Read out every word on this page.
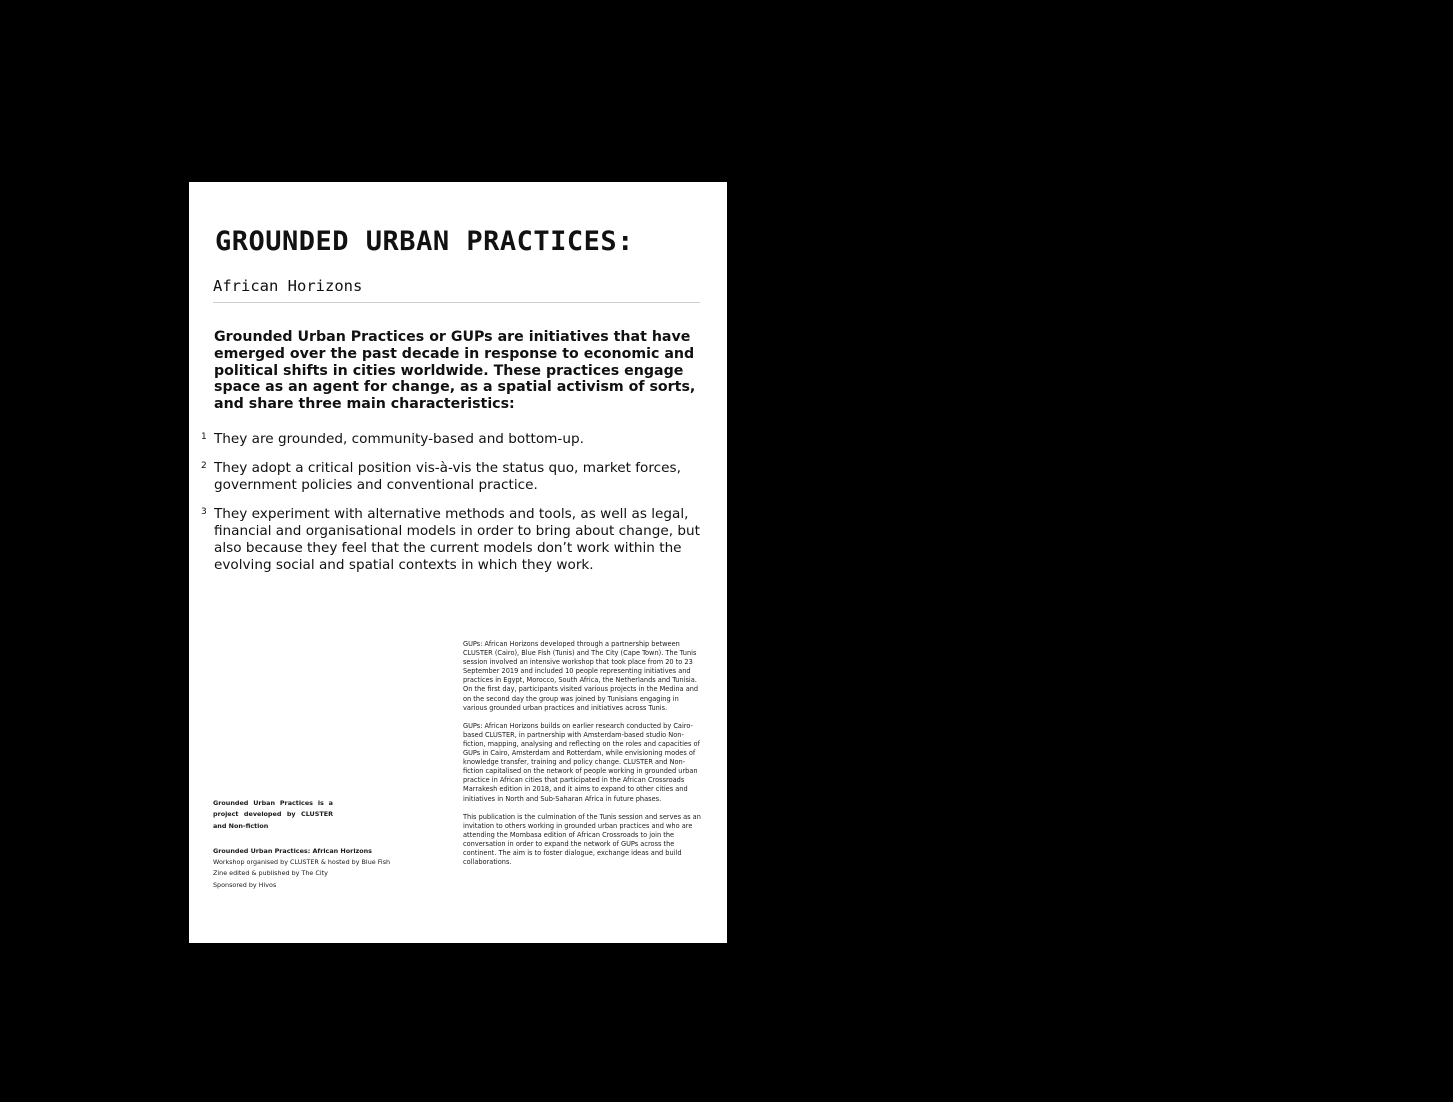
GROUNDED URBAN PRACTICES:
African Horizons

Grounded Urban Practices or GUPs are initiatives that have emerged over the past decade in response to economic and political shifts in cities worldwide. These practices engage space as an agent for change, as a spatial activism of sorts, and share three main characteristics:

1 They are grounded, community-based and bottom-up.
2 They adopt a critical position vis-à-vis the status quo, market forces, government policies and conventional practice.
3 They experiment with alternative methods and tools, as well as legal, financial and organisational models in order to bring about change, but also because they feel that the current models don’t work within the evolving social and spatial contexts in which they work.

GUPs: African Horizons developed through a partnership between CLUSTER (Cairo), Blue Fish (Tunis) and The City (Cape Town). The Tunis session involved an intensive workshop that took place from 20 to 23 September 2019 and included 10 people representing initiatives and practices in Egypt, Morocco, South Africa, the Netherlands and Tunisia. On the first day, participants visited various projects in the Medina and on the second day the group was joined by Tunisians engaging in various grounded urban practices and initiatives across Tunis.

GUPs: African Horizons builds on earlier research conducted by Cairo-based CLUSTER, in partnership with Amsterdam-based studio Non-fiction, mapping, analysing and reflecting on the roles and capacities of GUPs in Cairo, Amsterdam and Rotterdam, while envisioning modes of knowledge transfer, training and policy change. CLUSTER and Non-fiction capitalised on the network of people working in grounded urban practice in African cities that participated in the African Crossroads Marrakesh edition in 2018, and it aims to expand to other cities and initiatives in North and Sub-Saharan Africa in future phases.

This publication is the culmination of the Tunis session and serves as an invitation to others working in grounded urban practices and who are attending the Mombasa edition of African Crossroads to join the conversation in order to expand the network of GUPs across the continent. The aim is to foster dialogue, exchange ideas and build collaborations.

Grounded Urban Practices is a project developed by CLUSTER and Non-fiction

Grounded Urban Practices: African Horizons
Workshop organised by CLUSTER & hosted by Blue Fish
Zine edited & published by The City
Sponsored by Hivos
